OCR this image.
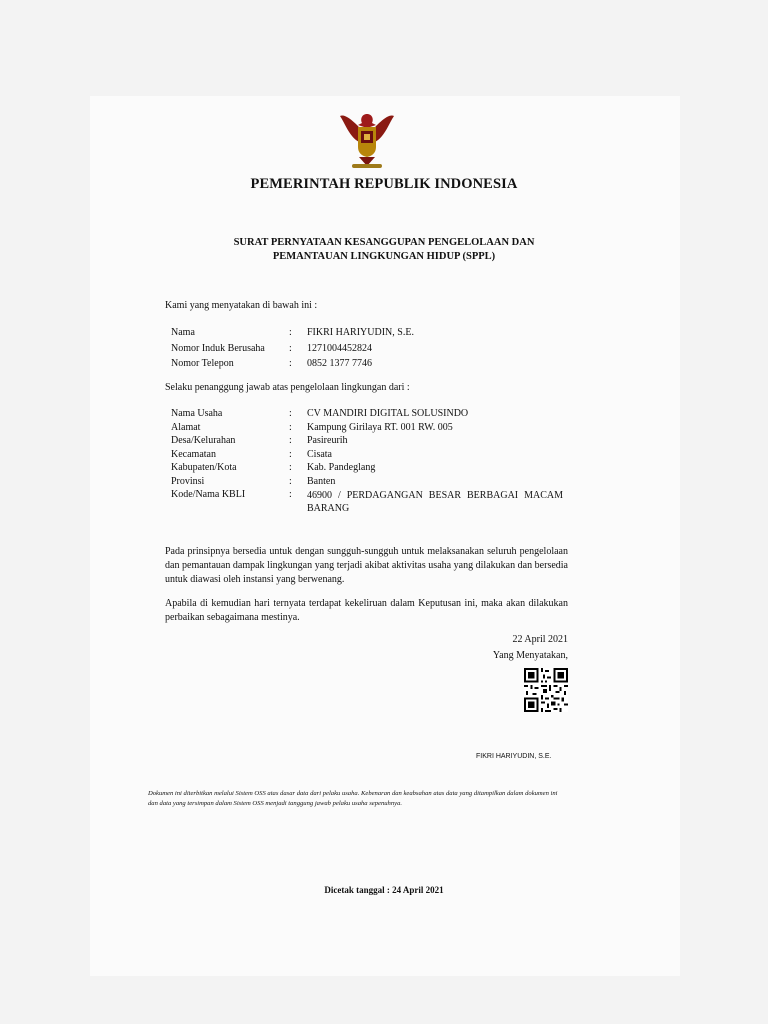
PEMERINTAH REPUBLIK INDONESIA
SURAT PERNYATAAN KESANGGUPAN PENGELOLAAN DAN
PEMANTAUAN LINGKUNGAN HIDUP (SPPL)
Kami yang menyatakan di bawah ini :
Nama	: FIKRI HARIYUDIN, S.E.
Nomor Induk Berusaha : 1271004452824
Nomor Telepon	: 0852 1377 7746
Selaku penanggung jawab atas pengelolaan lingkungan dari :
Nama Usaha	: CV MANDIRI DIGITAL SOLUSINDO
Alamat	: Kampung Girilaya RT. 001 RW. 005
Desa/Kelurahan	: Pasireurih
Kecamatan	: Cisata
Kabupaten/Kota	: Kab. Pandeglang
Provinsi	: Banten
Kode/Nama KBLI	: 46900 / PERDAGANGAN BESAR BERBAGAI MACAM
BARANG
Pada prinsipnya bersedia untuk dengan sungguh-sungguh untuk melaksanakan seluruh pengelolaan dan pemantauan dampak lingkungan yang terjadi akibat aktivitas usaha yang dilakukan dan bersedia untuk diawasi oleh instansi yang berwenang.
Apabila di kemudian hari ternyata terdapat kekeliruan dalam Keputusan ini, maka akan dilakukan perbaikan sebagaimana mestinya.
22 April 2021
Yang Menyatakan,
FIKRI HARIYUDIN, S.E.
Dokumen ini diterbitkan melalui Sistem OSS atas dasar data dari pelaku usaha. Kebenaran dan keabsahan atas data yang ditampilkan dalam dokumen ini dan data yang tersimpan dalam Sistem OSS menjadi tanggung jawab pelaku usaha sepenuhnya.
Dicetak tanggal : 24 April 2021
